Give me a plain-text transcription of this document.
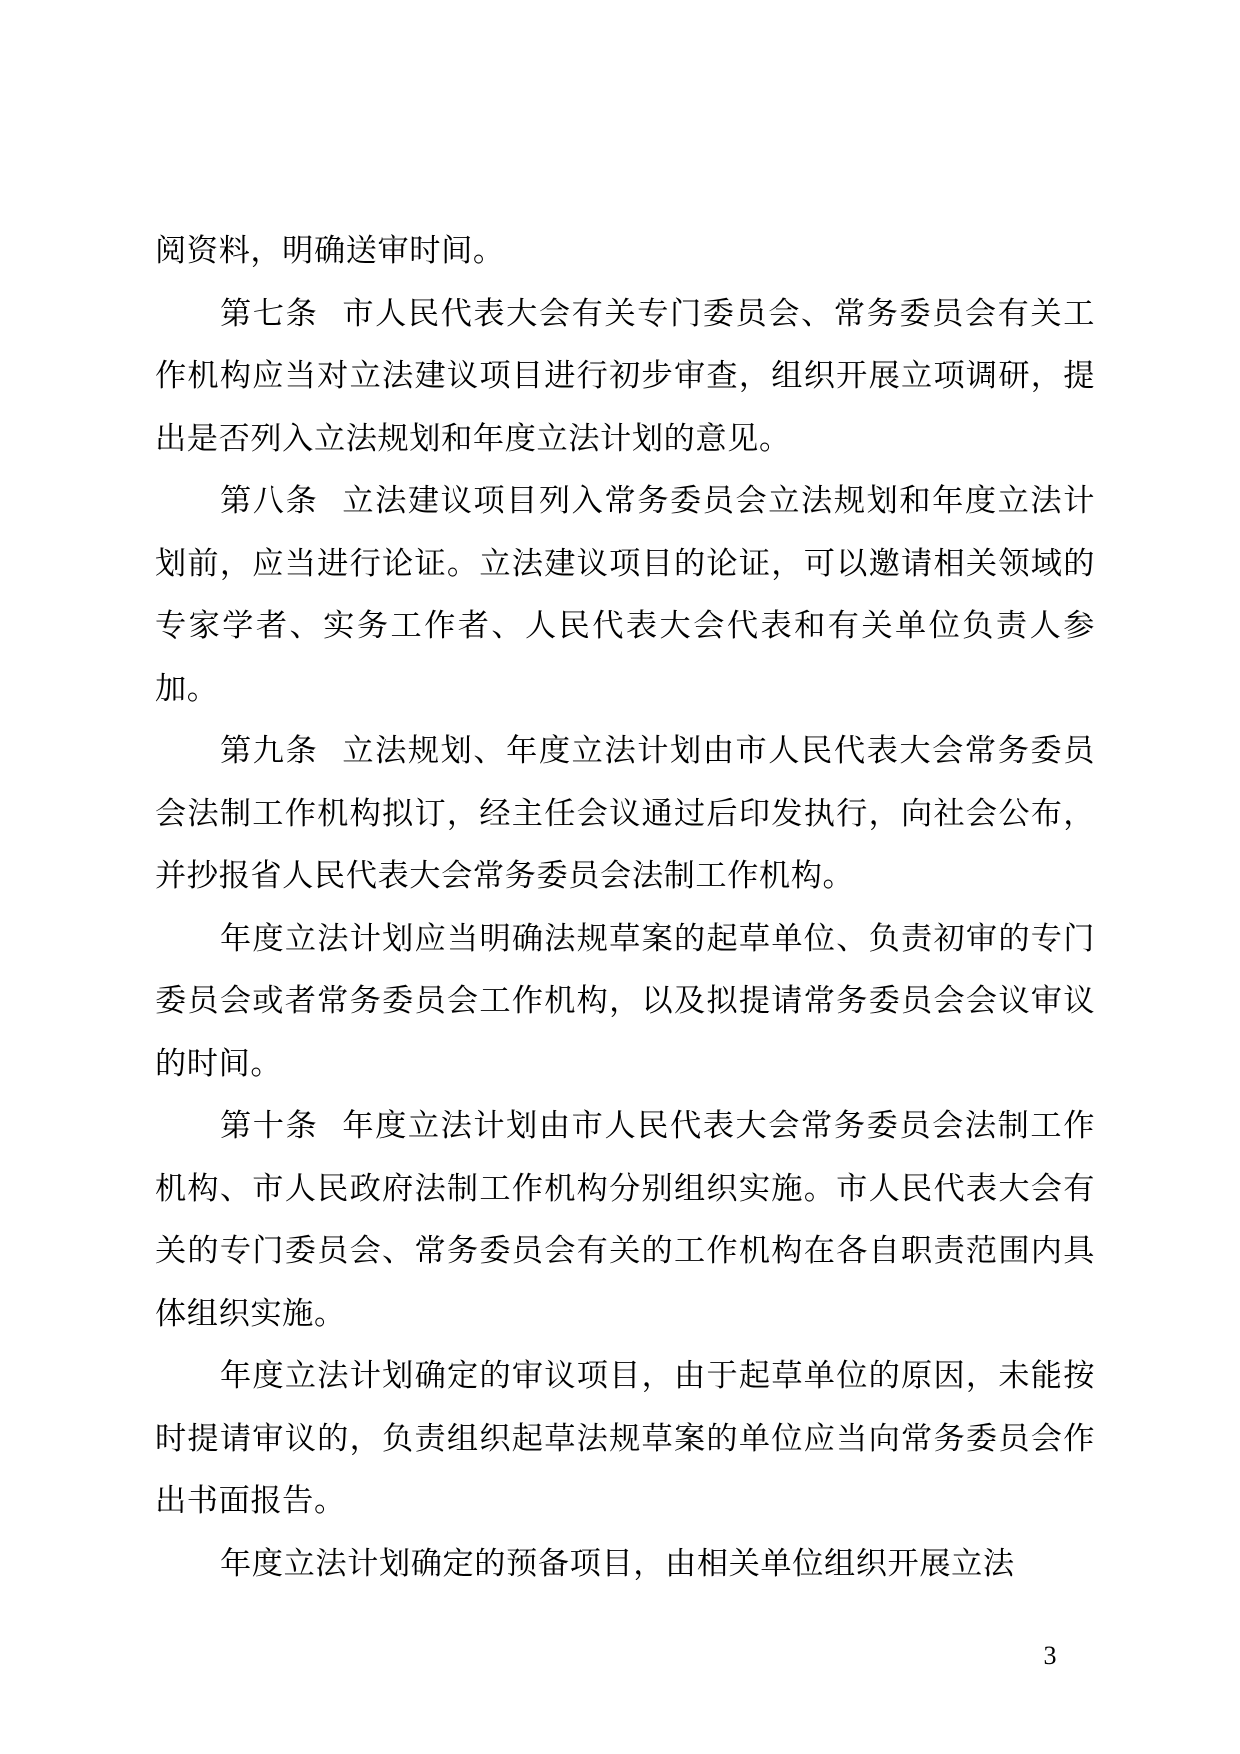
阅资料，明确送审时间。

第七条 市人民代表大会有关专门委员会、常务委员会有关工作机构应当对立法建议项目进行初步审查，组织开展立项调研，提出是否列入立法规划和年度立法计划的意见。

第八条 立法建议项目列入常务委员会立法规划和年度立法计划前，应当进行论证。立法建议项目的论证，可以邀请相关领域的专家学者、实务工作者、人民代表大会代表和有关单位负责人参加。

第九条 立法规划、年度立法计划由市人民代表大会常务委员会法制工作机构拟订，经主任会议通过后印发执行，向社会公布，并抄报省人民代表大会常务委员会法制工作机构。

年度立法计划应当明确法规草案的起草单位、负责初审的专门委员会或者常务委员会工作机构，以及拟提请常务委员会会议审议的时间。

第十条 年度立法计划由市人民代表大会常务委员会法制工作机构、市人民政府法制工作机构分别组织实施。市人民代表大会有关的专门委员会、常务委员会有关的工作机构在各自职责范围内具体组织实施。

年度立法计划确定的审议项目，由于起草单位的原因，未能按时提请审议的，负责组织起草法规草案的单位应当向常务委员会作出书面报告。

年度立法计划确定的预备项目，由相关单位组织开展立法

3
